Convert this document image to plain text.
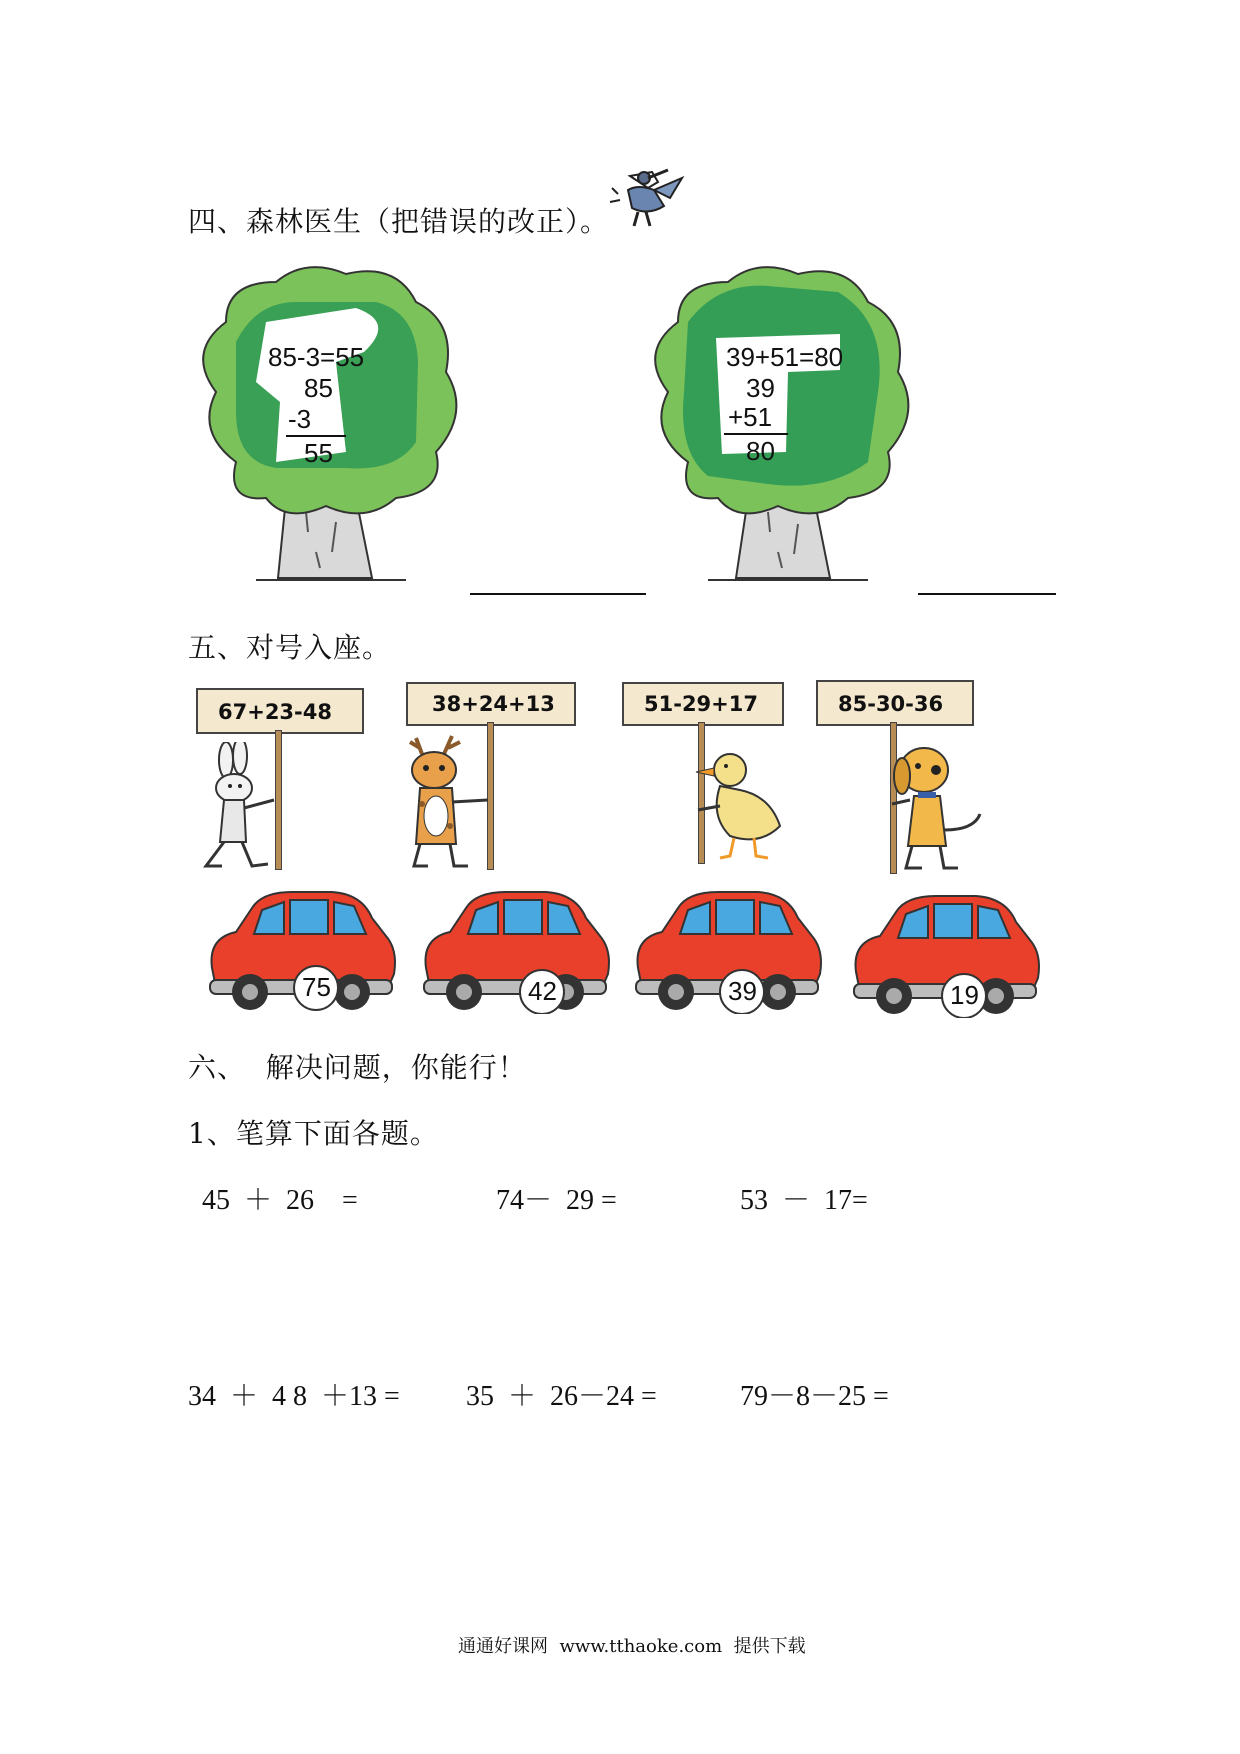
四、森林医生（把错误的改正）。
85-3=55
85
-3
55
39+51=80
39
+51
80
五、对号入座。
67+23-48	38+24+13	51-29+17	85-30-36
75	42	39	19
六、  解决问题，你能行！
1、笔算下面各题。
45  ＋  26    =	74－  29 =	53  －  17=
34  ＋  4 8  ＋13 = 35  ＋  26－24 =	79－8－25 =
通通好课网  www.tthaoke.com  提供下载
